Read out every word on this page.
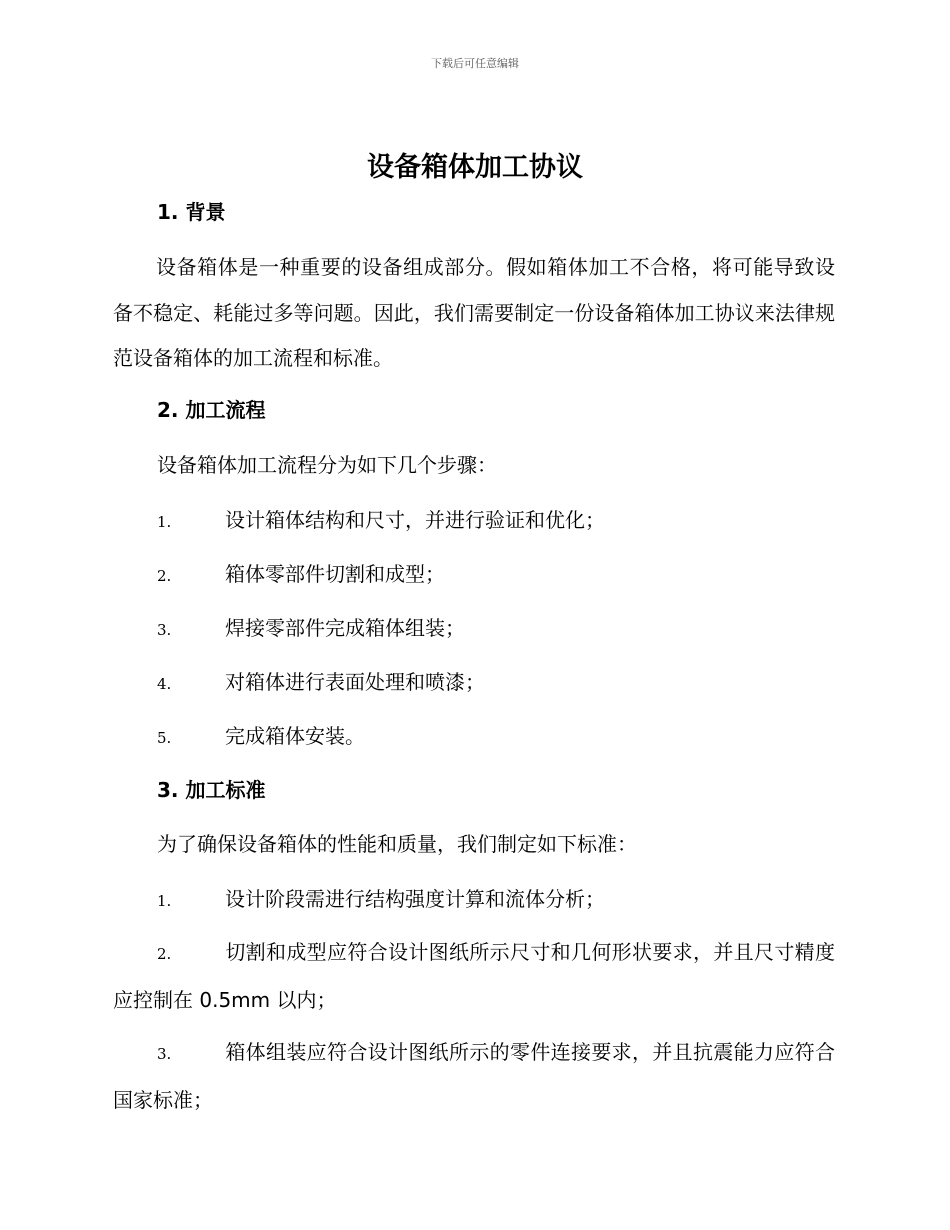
下载后可任意编辑
设备箱体加工协议
1. 背景

设备箱体是一种重要的设备组成部分。假如箱体加工不合格，将可能导致设备不稳定、耗能过多等问题。因此，我们需要制定一份设备箱体加工协议来法律规范设备箱体的加工流程和标准。

2. 加工流程

设备箱体加工流程分为如下几个步骤：

1.	设计箱体结构和尺寸，并进行验证和优化；

2.	箱体零部件切割和成型；

3.	焊接零部件完成箱体组装；

4.	对箱体进行表面处理和喷漆；

5.	完成箱体安装。

3. 加工标准

为了确保设备箱体的性能和质量，我们制定如下标准：

1.	设计阶段需进行结构强度计算和流体分析；

2.	切割和成型应符合设计图纸所示尺寸和几何形状要求，并且尺寸精度应控制在 0.5mm 以内；

3.	箱体组装应符合设计图纸所示的零件连接要求，并且抗震能力应符合国家标准；
